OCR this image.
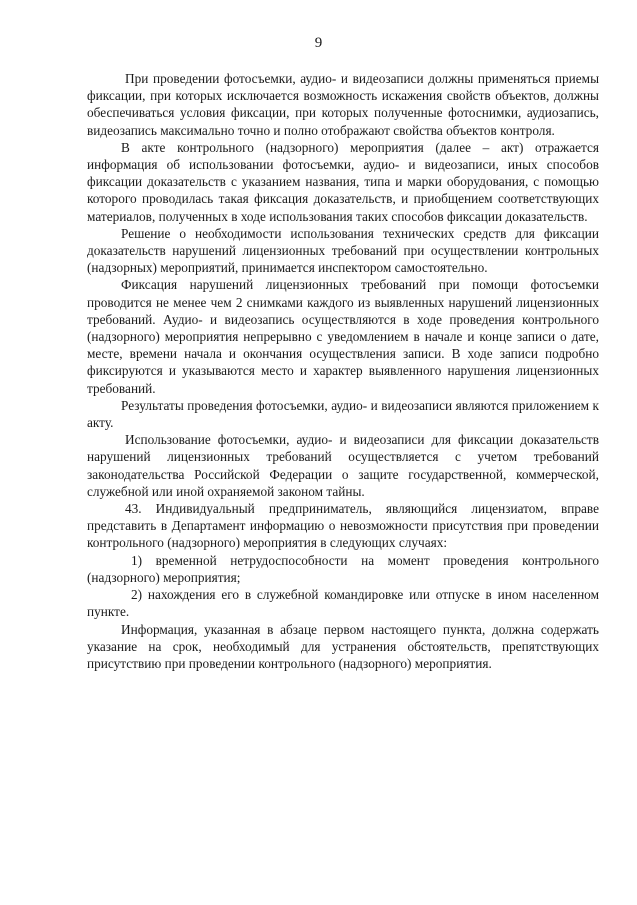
9

При проведении фотосъемки, аудио- и видеозаписи должны применяться приемы фиксации, при которых исключается возможность искажения свойств объектов, должны обеспечиваться условия фиксации, при которых полученные фотоснимки, аудиозапись, видеозапись максимально точно и полно отображают свойства объектов контроля.

В акте контрольного (надзорного) мероприятия (далее – акт) отражается информация об использовании фотосъемки, аудио- и видеозаписи, иных способов фиксации доказательств с указанием названия, типа и марки оборудования, с помощью которого проводилась такая фиксация доказательств, и приобщением соответствующих материалов, полученных в ходе использования таких способов фиксации доказательств.

Решение о необходимости использования технических средств для фиксации доказательств нарушений лицензионных требований при осуществлении контрольных (надзорных) мероприятий, принимается инспектором самостоятельно.

Фиксация нарушений лицензионных требований при помощи фотосъемки проводится не менее чем 2 снимками каждого из выявленных нарушений лицензионных требований. Аудио- и видеозапись осуществляются в ходе проведения контрольного (надзорного) мероприятия непрерывно с уведомлением в начале и конце записи о дате, месте, времени начала и окончания осуществления записи. В ходе записи подробно фиксируются и указываются место и характер выявленного нарушения лицензионных требований.

Результаты проведения фотосъемки, аудио- и видеозаписи являются приложением к акту.

Использование фотосъемки, аудио- и видеозаписи для фиксации доказательств нарушений лицензионных требований осуществляется с учетом требований законодательства Российской Федерации о защите государственной, коммерческой, служебной или иной охраняемой законом тайны.

43. Индивидуальный предприниматель, являющийся лицензиатом, вправе представить в Департамент информацию о невозможности присутствия при проведении контрольного (надзорного) мероприятия в следующих случаях:

1) временной нетрудоспособности на момент проведения контрольного (надзорного) мероприятия;

2) нахождения его в служебной командировке или отпуске в ином населенном пункте.

Информация, указанная в абзаце первом настоящего пункта, должна содержать указание на срок, необходимый для устранения обстоятельств, препятствующих присутствию при проведении контрольного (надзорного) мероприятия.
